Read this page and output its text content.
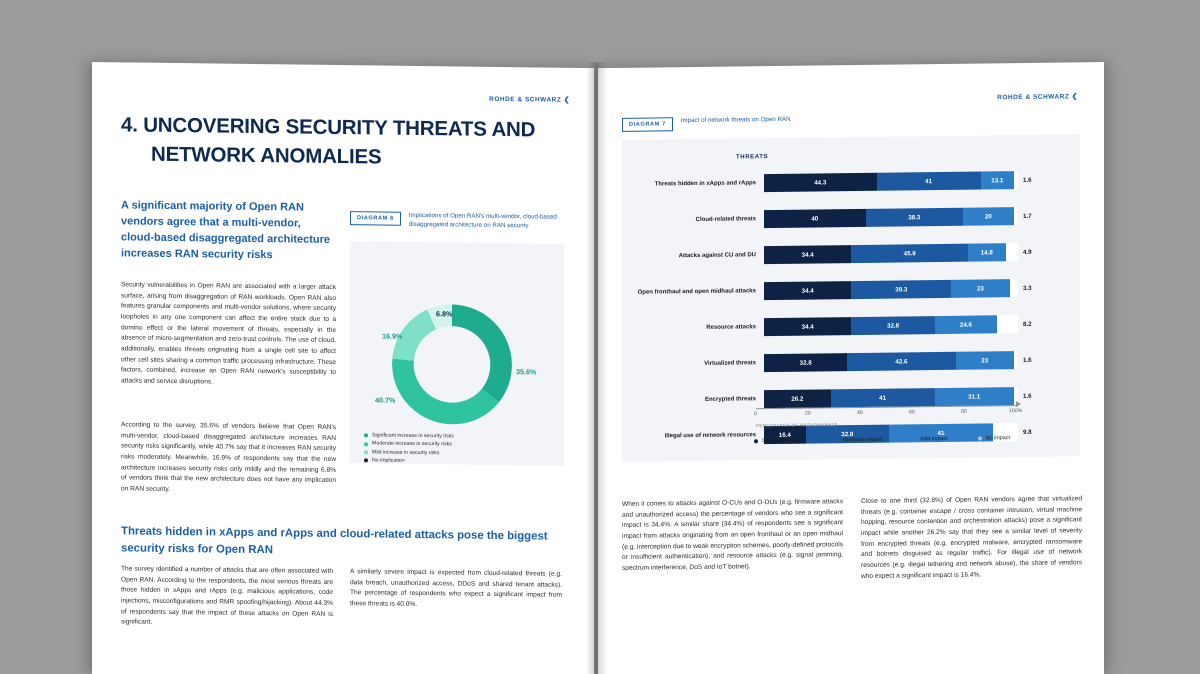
ROHDE & SCHWARZ ❮
4. UNCOVERING SECURITY THREATS AND
NETWORK ANOMALIES
A significant majority of Open RAN vendors agree that a multi-vendor, cloud-based disaggregated architecture increases RAN security risks
Security vulnerabilities in Open RAN are associated with a larger attack surface, arising from disaggregation of RAN workloads. Open RAN also features granular components and multi-vendor solutions, where security loopholes in any one component can affect the entire stack due to a domino effect or the lateral movement of threats, especially in the absence of micro-segmentation and zero-trust controls. The use of cloud, additionally, enables threats originating from a single cell site to affect other cell sites sharing a common traffic processing infrastructure. These factors, combined, increase an Open RAN network's susceptibility to attacks and service disruptions.
According to the survey, 35.6% of vendors believe that Open RAN's multi-vendor, cloud-based disaggregated architecture increases RAN security risks significantly, while 40.7% say that it increases RAN security risks moderately. Meanwhile, 16.9% of respondents say that the new architecture increases security risks only mildly and the remaining 6.8% of vendors think that the new architecture does not have any implication on RAN security.
Threats hidden in xApps and rApps and cloud-related attacks pose the biggest security risks for Open RAN
The survey identified a number of attacks that are often associated with Open RAN. According to the respondents, the most serious threats are those hidden in xApps and rApps (e.g. malicious applications, code injections, misconfigurations and RMR spoofing/hijacking). About 44.3% of respondents say that the impact of these attacks on Open RAN is significant.
A similarly severe impact is expected from cloud-related threats (e.g. data breach, unauthorized access, DDoS and shared tenant attacks). The percentage of respondents who expect a significant impact from these threats is 40.0%.
DIAGRAM 6	Implications of Open RAN's multi-vendor, cloud-based disaggregated architecture on RAN security
35.6%
40.7%
16.9%
6.8%
Significant increase in security risks
Moderate increase in security risks
Mild increase in security risks
No implication
ROHDE & SCHWARZ ❮
DIAGRAM 7
Impact of network threats on Open RAN
THREATS
Threats hidden in xApps and rApps	44.3	41	13.1	1.6
Cloud-related threats	40	38.3	20	1.7
Attacks against CU and DU	34.4	45.9	14.8	4.9
Open fronthaul and open midhaul attacks	34.4	39.3	23	3.3
Resource attacks	34.4	32.8	24.6	8.2
Virtualized threats	32.8	42.6	23	1.6
Encrypted threats	26.2	41	31.1	1.6
Illegal use of network resources	16.4	32.8	41	9.8
0	20	40	60	80	100%
PERCENTAGE OF RESPONDENTS
Significant impact	Moderate impact	Mild impact	No impact
When it comes to attacks against O-CUs and O-DUs (e.g. firmware attacks and unauthorized access) the percentage of vendors who see a significant impact is 34.4%. A similar share (34.4%) of respondents see a significant impact from attacks originating from an open fronthaul or an open midhaul (e.g. interception due to weak encryption schemes, poorly-defined protocols or insufficient authentication), and resource attacks (e.g. signal jamming, spectrum interference, DoS and IoT botnet).
Close to one third (32.8%) of Open RAN vendors agree that virtualized threats (e.g. container escape / cross container intrusion, virtual machine hopping, resource contention and orchestration attacks) pose a significant impact while another 26.2% say that they see a similar level of severity from encrypted threats (e.g. encrypted malware, encrypted ransomware and botnets disguised as regular traffic). For illegal use of network resources (e.g. illegal tethering and network abuse), the share of vendors who expect a significant impact is 16.4%.
